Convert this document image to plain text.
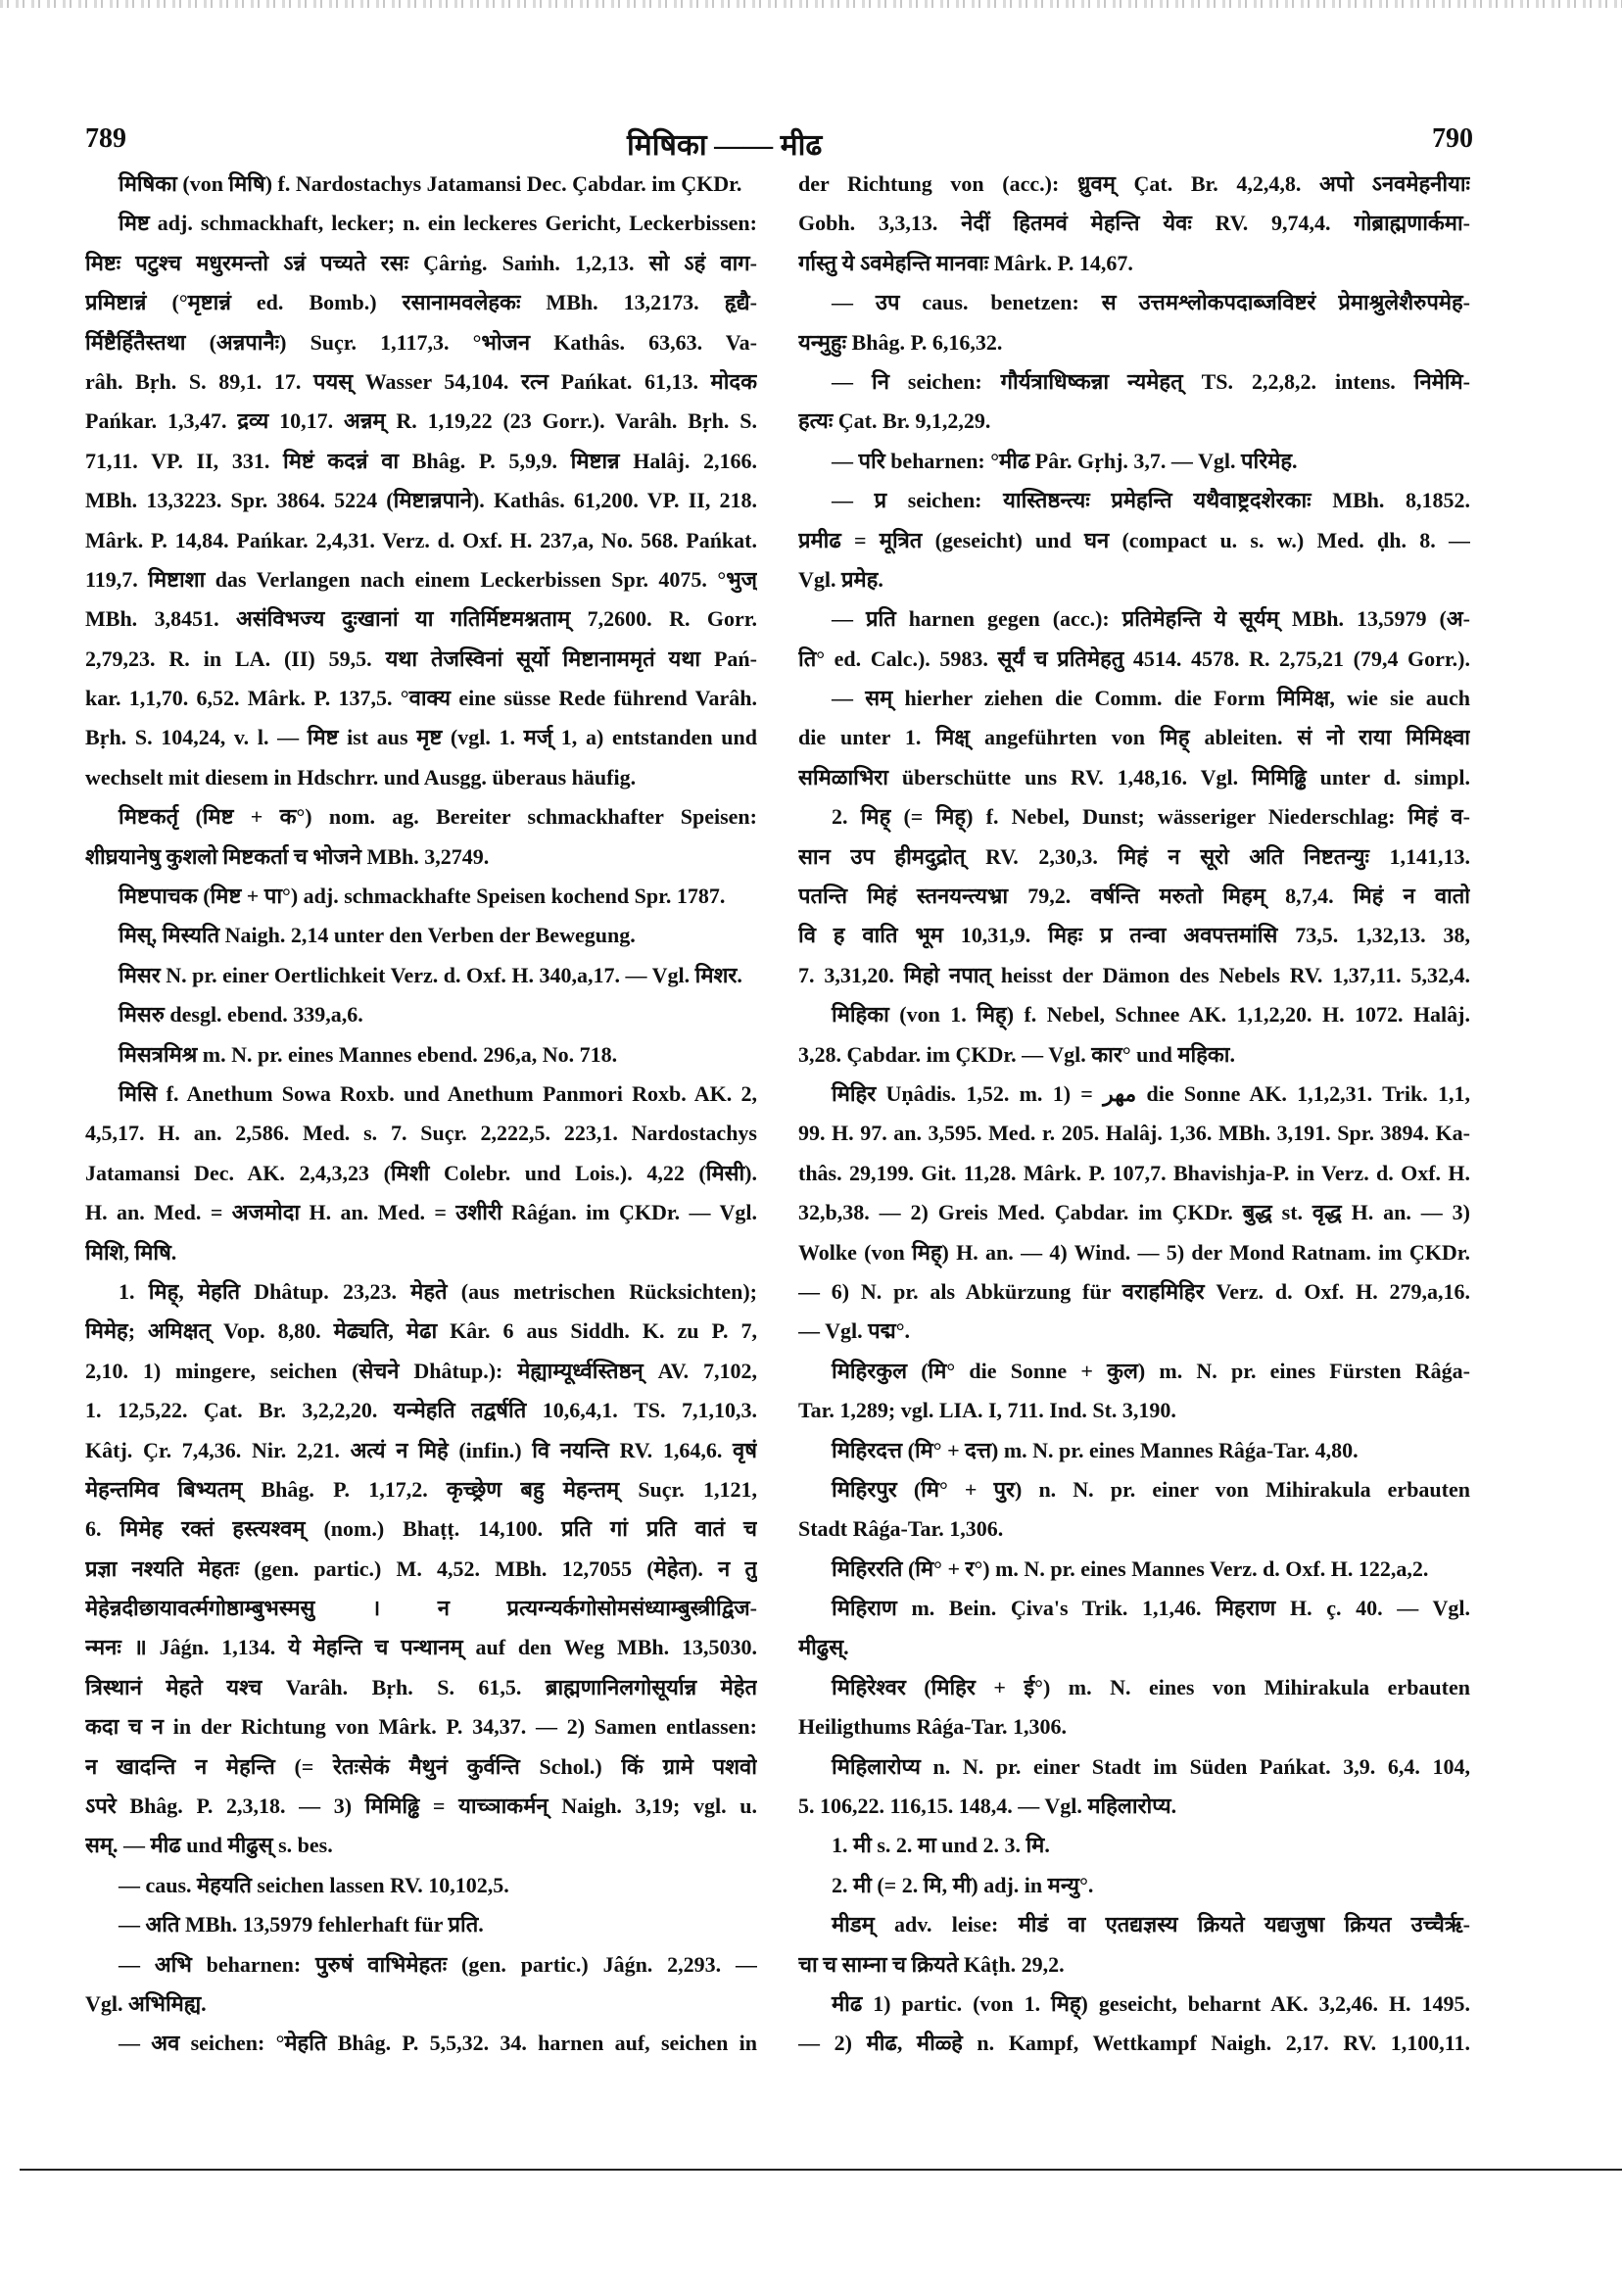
789	मिषिका —— मीढ	790
मिषिका (von मिषि) f. Nardostachys Jatamansi Dec. Çabdar. im ÇKDr.
मिष्ट adj. schmackhaft, lecker; n. ein leckeres Gericht, Leckerbissen:
मिष्टः पटुश्च मधुरमन्तो ऽन्नं पच्यते रसः Çârṅg. Saṁh. 1,2,13. सो ऽहं वाग-
प्रमिष्टान्नं (°मृष्टान्नं ed. Bomb.) रसानामवलेहकः MBh. 13,2173. हृद्यै-
र्मिष्टैर्हितैस्तथा (अन्नपानैः) Suçr. 1,117,3. °भोजन Kathâs. 63,63. Va-
râh. Bṛh. S. 89,1. 17. पयस् Wasser 54,104. रत्न Pańkat. 61,13. मोदक
Pańkar. 1,3,47. द्रव्य 10,17. अन्नम् R. 1,19,22 (23 Gorr.). Varâh. Bṛh. S.
71,11. VP. II, 331. मिष्टं कदन्नं वा Bhâg. P. 5,9,9. मिष्टान्न Halâj. 2,166.
MBh. 13,3223. Spr. 3864. 5224 (मिष्टान्नपाने). Kathâs. 61,200. VP. II, 218.
Mârk. P. 14,84. Pańkar. 2,4,31. Verz. d. Oxf. H. 237,a, No. 568. Pańkat.
119,7. मिष्टाशा das Verlangen nach einem Leckerbissen Spr. 4075. °भुज्
MBh. 3,8451. असंविभज्य दुःखानां या गतिर्मिष्टमश्नताम् 7,2600. R. Gorr.
2,79,23. R. in LA. (II) 59,5. यथा तेजस्विनां सूर्यो मिष्टानाममृतं यथा Pań-
kar. 1,1,70. 6,52. Mârk. P. 137,5. °वाक्य eine süsse Rede führend Varâh.
Bṛh. S. 104,24, v. l. — मिष्ट ist aus मृष्ट (vgl. 1. मर्ज् 1, a) entstanden und
wechselt mit diesem in Hdschrr. und Ausgg. überaus häufig.
मिष्टकर्तृ (मिष्ट + क°) nom. ag. Bereiter schmackhafter Speisen:
शीघ्रयानेषु कुशलो मिष्टकर्ता च भोजने MBh. 3,2749.
मिष्टपाचक (मिष्ट + पा°) adj. schmackhafte Speisen kochend Spr. 1787.
मिस्, मिस्यति Naigh. 2,14 unter den Verben der Bewegung.
मिसर N. pr. einer Oertlichkeit Verz. d. Oxf. H. 340,a,17. — Vgl. मिशर.
मिसरु desgl. ebend. 339,a,6.
मिसत्रमिश्र m. N. pr. eines Mannes ebend. 296,a, No. 718.
मिसि f. Anethum Sowa Roxb. und Anethum Panmori Roxb. AK. 2,
4,5,17. H. an. 2,586. Med. s. 7. Suçr. 2,222,5. 223,1. Nardostachys
Jatamansi Dec. AK. 2,4,3,23 (मिशी Colebr. und Lois.). 4,22 (मिसी).
H. an. Med. = अजमोदा H. an. Med. = उशीरी Râǵan. im ÇKDr. — Vgl.
मिशि, मिषि.
1. मिह्, मेहति Dhâtup. 23,23. मेहते (aus metrischen Rücksichten);
मिमेह; अमिक्षत् Vop. 8,80. मेढ्यति, मेढा Kâr. 6 aus Siddh. K. zu P. 7,
2,10. 1) mingere, seichen (सेचने Dhâtup.): मेह्याम्यूर्ध्वस्तिष्ठन् AV. 7,102,
1. 12,5,22. Çat. Br. 3,2,2,20. यन्मेहति तद्वर्षति 10,6,4,1. TS. 7,1,10,3.
Kâtj. Çr. 7,4,36. Nir. 2,21. अत्यं न मिहे (infin.) वि नयन्ति RV. 1,64,6. वृषं
मेहन्तमिव बिभ्यतम् Bhâg. P. 1,17,2. कृच्छ्रेण बहु मेहन्तम् Suçr. 1,121,
6. मिमेह रक्तं हस्त्यश्वम् (nom.) Bhaṭṭ. 14,100. प्रति गां प्रति वातं च
प्रज्ञा नश्यति मेहतः (gen. partic.) M. 4,52. MBh. 12,7055 (मेहेत). न तु
मेहेन्नदीछायावर्त्मगोष्ठाम्बुभस्मसु । न प्रत्यग्न्यर्कगोसोमसंध्याम्बुस्त्रीद्विज-
न्मनः ॥ Jâǵn. 1,134. ये मेहन्ति च पन्थानम् auf den Weg MBh. 13,5030.
त्रिस्थानं मेहते यश्च Varâh. Bṛh. S. 61,5. ब्राह्मणानिलगोसूर्यान्न मेहेत
कदा च न in der Richtung von Mârk. P. 34,37. — 2) Samen entlassen:
न खादन्ति न मेहन्ति (= रेतःसेकं मैथुनं कुर्वन्ति Schol.) किं ग्रामे पशवो
ऽपरे Bhâg. P. 2,3,18. — 3) मिमिढ्ढि = याच्ञाकर्मन् Naigh. 3,19; vgl. u.
सम्. — मीढ und मीढुस् s. bes.
— caus. मेहयति seichen lassen RV. 10,102,5.
— अति MBh. 13,5979 fehlerhaft für प्रति.
— अभि beharnen: पुरुषं वाभिमेहतः (gen. partic.) Jâǵn. 2,293. —
Vgl. अभिमिह्य.
— अव seichen: °मेहति Bhâg. P. 5,5,32. 34. harnen auf, seichen in
der Richtung von (acc.): ध्रुवम् Çat. Br. 4,2,4,8. अपो ऽनवमेहनीयाः
Gobh. 3,3,13. नेदीं हितमवं मेहन्ति येवः RV. 9,74,4. गोब्राह्मणार्कमा-
र्गास्तु ये ऽवमेहन्ति मानवाः Mârk. P. 14,67.
— उप caus. benetzen: स उत्तमश्लोकपदाब्जविष्टरं प्रेमाश्रुलेशैरुपमेह-
यन्मुहुः Bhâg. P. 6,16,32.
— नि seichen: गौर्यत्राधिष्कन्ना न्यमेहत् TS. 2,2,8,2. intens. निमेमि-
हत्यः Çat. Br. 9,1,2,29.
— परि beharnen: °मीढ Pâr. Gṛhj. 3,7. — Vgl. परिमेह.
— प्र seichen: यास्तिष्ठन्त्यः प्रमेहन्ति यथैवाष्ट्रदशेरकाः MBh. 8,1852.
प्रमीढ = मूत्रित (geseicht) und घन (compact u. s. w.) Med. ḍh. 8. —
Vgl. प्रमेह.
— प्रति harnen gegen (acc.): प्रतिमेहन्ति ये सूर्यम् MBh. 13,5979 (अ-
ति° ed. Calc.). 5983. सूर्यं च प्रतिमेहतु 4514. 4578. R. 2,75,21 (79,4 Gorr.).
— सम् hierher ziehen die Comm. die Form मिमिक्ष, wie sie auch
die unter 1. मिक्ष् angeführten von मिह् ableiten. सं नो राया मिमिक्ष्वा
समिळाभिरा überschütte uns RV. 1,48,16. Vgl. मिमिढ्ढि unter d. simpl.
2. मिह् (= मिह्) f. Nebel, Dunst; wässeriger Niederschlag: मिहं व-
सान उप हीमदुद्रोत् RV. 2,30,3. मिहं न सूरो अति निष्टतन्युः 1,141,13.
पतन्ति मिहं स्तनयन्त्यभ्रा 79,2. वर्षन्ति मरुतो मिहम् 8,7,4. मिहं न वातो
वि ह वाति भूम 10,31,9. मिहः प्र तन्वा अवपत्तमांसि 73,5. 1,32,13. 38,
7. 3,31,20. मिहो नपात् heisst der Dämon des Nebels RV. 1,37,11. 5,32,4.
मिहिका (von 1. मिह्) f. Nebel, Schnee AK. 1,1,2,20. H. 1072. Halâj.
3,28. Çabdar. im ÇKDr. — Vgl. कार° und महिका.
मिहिर Uṇâdis. 1,52. m. 1) = مهر die Sonne AK. 1,1,2,31. Trik. 1,1,
99. H. 97. an. 3,595. Med. r. 205. Halâj. 1,36. MBh. 3,191. Spr. 3894. Ka-
thâs. 29,199. Git. 11,28. Mârk. P. 107,7. Bhavishja-P. in Verz. d. Oxf. H.
32,b,38. — 2) Greis Med. Çabdar. im ÇKDr. बुद्ध st. वृद्ध H. an. — 3)
Wolke (von मिह्) H. an. — 4) Wind. — 5) der Mond Ratnam. im ÇKDr.
— 6) N. pr. als Abkürzung für वराहमिहिर Verz. d. Oxf. H. 279,a,16.
— Vgl. पद्म°.
मिहिरकुल (मि° die Sonne + कुल) m. N. pr. eines Fürsten Râǵa-
Tar. 1,289; vgl. LIA. I, 711. Ind. St. 3,190.
मिहिरदत्त (मि° + दत्त) m. N. pr. eines Mannes Râǵa-Tar. 4,80.
मिहिरपुर (मि° + पुर) n. N. pr. einer von Mihirakula erbauten
Stadt Râǵa-Tar. 1,306.
मिहिररति (मि° + र°) m. N. pr. eines Mannes Verz. d. Oxf. H. 122,a,2.
मिहिराण m. Bein. Çiva's Trik. 1,1,46. मिहराण H. ç. 40. — Vgl.
मीढुस्.
मिहिरेश्वर (मिहिर + ई°) m. N. eines von Mihirakula erbauten
Heiligthums Râǵa-Tar. 1,306.
मिहिलारोप्य n. N. pr. einer Stadt im Süden Pańkat. 3,9. 6,4. 104,
5. 106,22. 116,15. 148,4. — Vgl. महिलारोप्य.
1. मी s. 2. मा und 2. 3. मि.
2. मी (= 2. मि, मी) adj. in मन्यु°.
मीडम् adv. leise: मीडं वा एतद्यज्ञस्य क्रियते यद्यजुषा क्रियत उच्चैरृ-
चा च साम्ना च क्रियते Kâṭh. 29,2.
मीढ 1) partic. (von 1. मिह्) geseicht, beharnt AK. 3,2,46. H. 1495.
— 2) मीढ, मीळ्हे n. Kampf, Wettkampf Naigh. 2,17. RV. 1,100,11.
